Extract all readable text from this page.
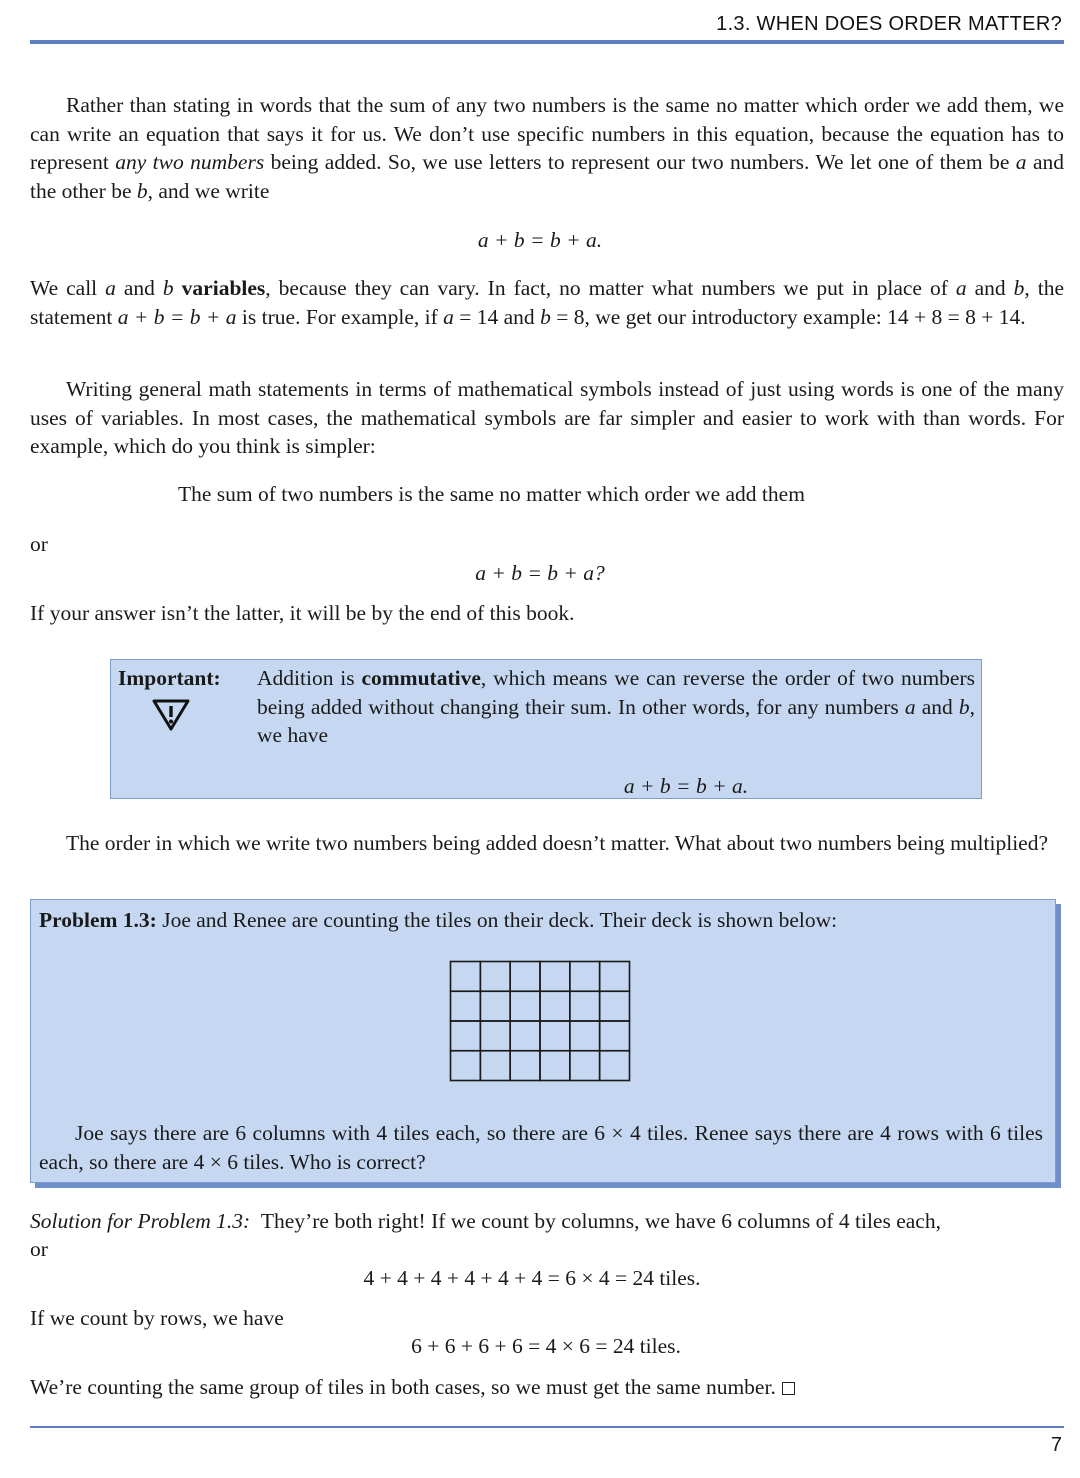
1.3. WHEN DOES ORDER MATTER?

Rather than stating in words that the sum of any two numbers is the same no matter which order we add them, we can write an equation that says it for us. We don’t use specific numbers in this equation, because the equation has to represent any two numbers being added. So, we use letters to represent our two numbers. We let one of them be a and the other be b, and we write

a + b = b + a.

We call a and b variables, because they can vary. In fact, no matter what numbers we put in place of a and b, the statement a + b = b + a is true. For example, if a = 14 and b = 8, we get our introductory example: 14 + 8 = 8 + 14.

Writing general math statements in terms of mathematical symbols instead of just using words is one of the many uses of variables. In most cases, the mathematical symbols are far simpler and easier to work with than words. For example, which do you think is simpler:

The sum of two numbers is the same no matter which order we add them
or
a + b = b + a?
If your answer isn’t the latter, it will be by the end of this book.
Important: Addition is commutative, which means we can reverse the order of two numbers being added without changing their sum. In other words, for any numbers a and b, we have

a + b = b + a.

The order in which we write two numbers being added doesn’t matter. What about two numbers being multiplied?

Problem 1.3: Joe and Renee are counting the tiles on their deck. Their deck is shown below:

Joe says there are 6 columns with 4 tiles each, so there are 6 × 4 tiles. Renee says there are 4 rows with 6 tiles each, so there are 4 × 6 tiles. Who is correct?

Solution for Problem 1.3: They’re both right! If we count by columns, we have 6 columns of 4 tiles each,

or
4 + 4 + 4 + 4 + 4 + 4 = 6 × 4 = 24 tiles.
If we count by rows, we have
6 + 6 + 6 + 6 = 4 × 6 = 24 tiles.

We’re counting the same group of tiles in both cases, so we must get the same number.

7
